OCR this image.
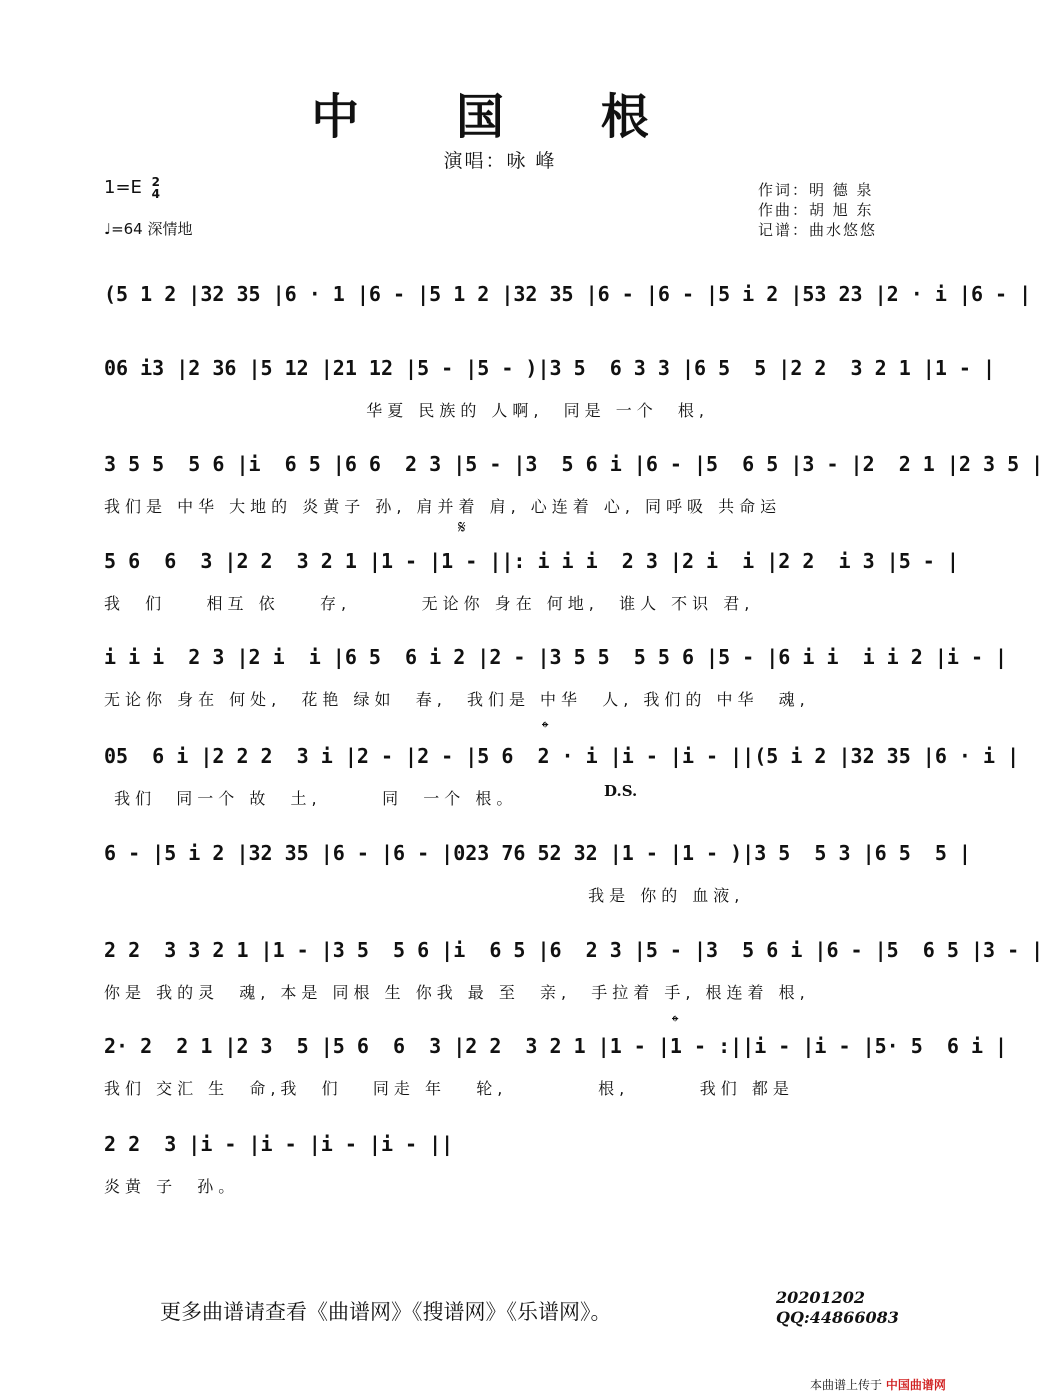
中 国 根
演唱：咏 峰
1=E 2
4
♩=64 深情地
作词：明 德 泉
作曲：胡 旭 东
记谱：曲水悠悠
(5 1 2 |32 35 |6 · 1 |6 - |5 1 2 |32 35 |6 - |6 - |5 i 2 |53 23 |2 · i |6 - |
06 i3 |2 36 |5 12 |21 12 |5 - |5 - )|3 5  6 3 3 |6 5  5 |2 2  3 2 1 |1 - |
华夏 民族的 人啊,  同是 一个  根,
3 5 5  5 6 |i  6 5 |6 6  2 3 |5 - |3  5 6 i |6 - |5  6 5 |3 - |2  2 1 |2 3 5 |
我们是 中华 大地的 炎黄子 孙, 肩并着 肩, 心连着 心, 同呼吸 共命运
𝄋
5 6  6  3 |2 2  3 2 1 |1 - |1 - ||: i i i  2 3 |2 i  i |2 2  i 3 |5 - |
我  们    相互 依    存,       无论你 身在 何地,  谁人 不识 君,
i i i  2 3 |2 i  i |6 5  6 i 2 |2 - |3 5 5  5 5 6 |5 - |6 i i  i i 2 |i - |
无论你 身在 何处,  花艳 绿如  春,  我们是 中华  人, 我们的 中华  魂,
𝄌
05  6 i |2 2 2  3 i |2 - |2 - |5 6  2 · i |i - |i - ||(5 i 2 |32 35 |6 · i |
我们  同一个 故  土,      同  一个 根。	D.S.
6 - |5 i 2 |32 35 |6 - |6 - |023 76 52 32 |1 - |1 - )|3 5  5 3 |6 5  5 |
我是 你的 血液,
2 2  3 3 2 1 |1 - |3 5  5 6 |i  6 5 |6  2 3 |5 - |3  5 6 i |6 - |5  6 5 |3 - |
你是 我的灵  魂, 本是 同根 生 你我 最 至  亲,  手拉着 手, 根连着 根,
𝄌
2· 2  2 1 |2 3  5 |5 6  6  3 |2 2  3 2 1 |1 - |1 - :||i - |i - |5· 5  6 i |
我们 交汇 生  命,我  们   同走 年   轮,         根,       我们 都是
2 2  3 |i - |i - |i - |i - ||
炎黄 子  孙。
更多曲谱请查看《曲谱网》《搜谱网》《乐谱网》。
20201202
QQ:44866083
本曲谱上传于 中国曲谱网
